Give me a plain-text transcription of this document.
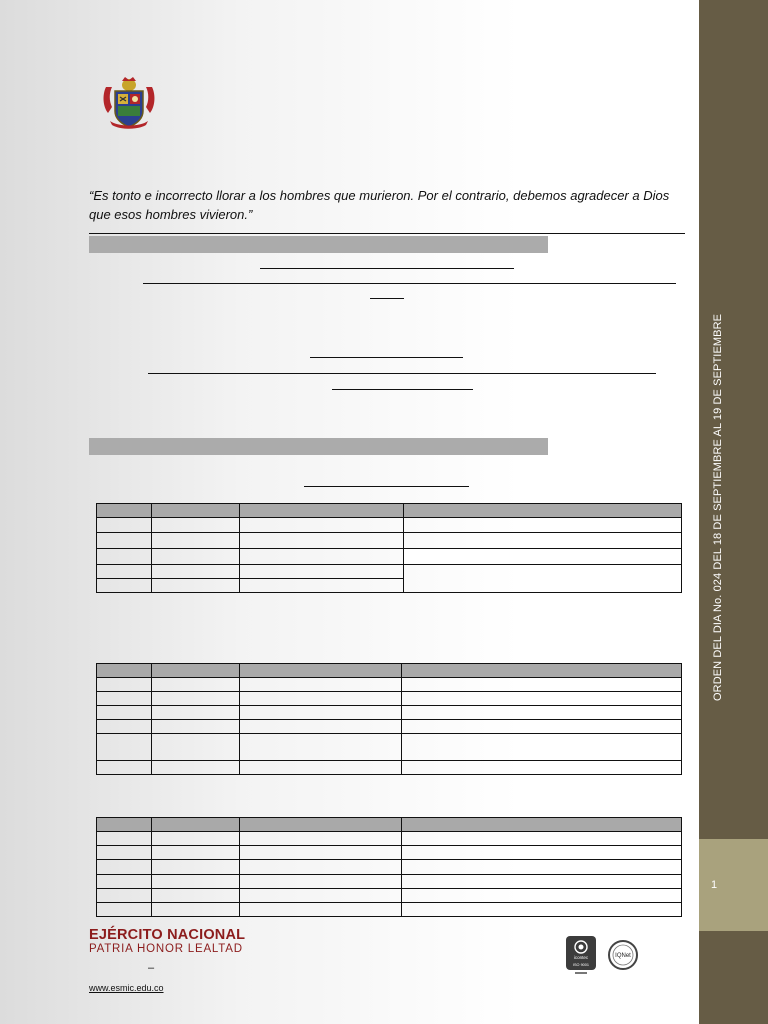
ORDEN DEL DIA No. 024 DEL 18 DE SEPTIEMBRE AL 19 DE SEPTIEMBRE
1
“Es tonto e incorrecto llorar a los hombres que murieron. Por el contrario, debemos agradecer a Dios que esos hombres vivieron.”

EJÉRCITO NACIONAL
PATRIA HONOR LEALTAD
–
www.esmic.edu.co
icontec
ISO 9001
IQNet
